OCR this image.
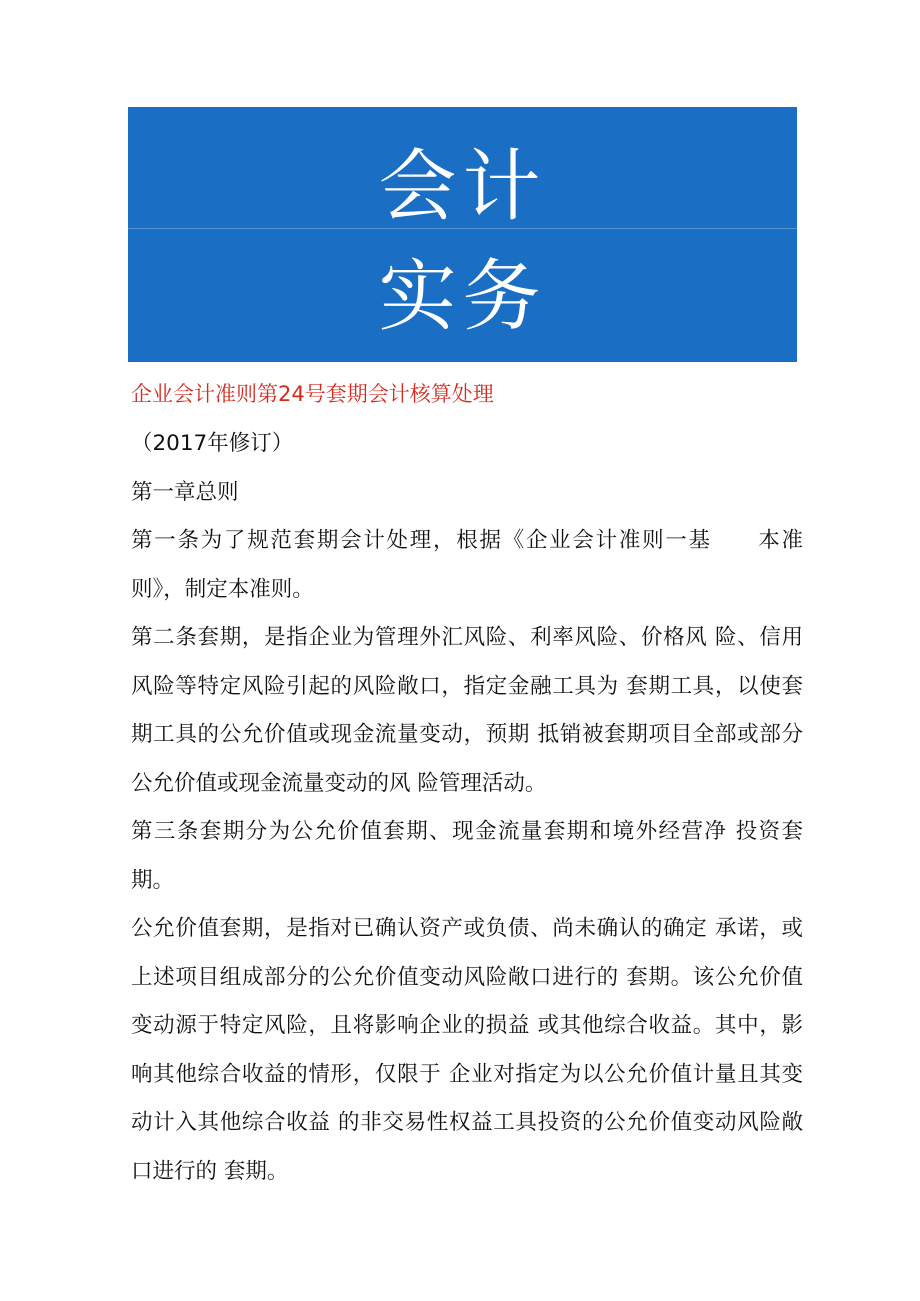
会计
实务
企业会计准则第24号套期会计核算处理

（2017年修订）

第一章总则

第一条为了规范套期会计处理，根据《企业会计准则一基　　本准则》，制定本准则。

第二条套期，是指企业为管理外汇风险、利率风险、价格风 险、信用风险等特定风险引起的风险敞口，指定金融工具为 套期工具，以使套期工具的公允价值或现金流量变动，预期 抵销被套期项目全部或部分公允价值或现金流量变动的风 险管理活动。

第三条套期分为公允价值套期、现金流量套期和境外经营净 投资套期。

公允价值套期，是指对已确认资产或负债、尚未确认的确定 承诺，或上述项目组成部分的公允价值变动风险敞口进行的 套期。该公允价值变动源于特定风险，且将影响企业的损益 或其他综合收益。其中，影响其他综合收益的情形，仅限于 企业对指定为以公允价值计量且其变动计入其他综合收益 的非交易性权益工具投资的公允价值变动风险敞口进行的 套期。
